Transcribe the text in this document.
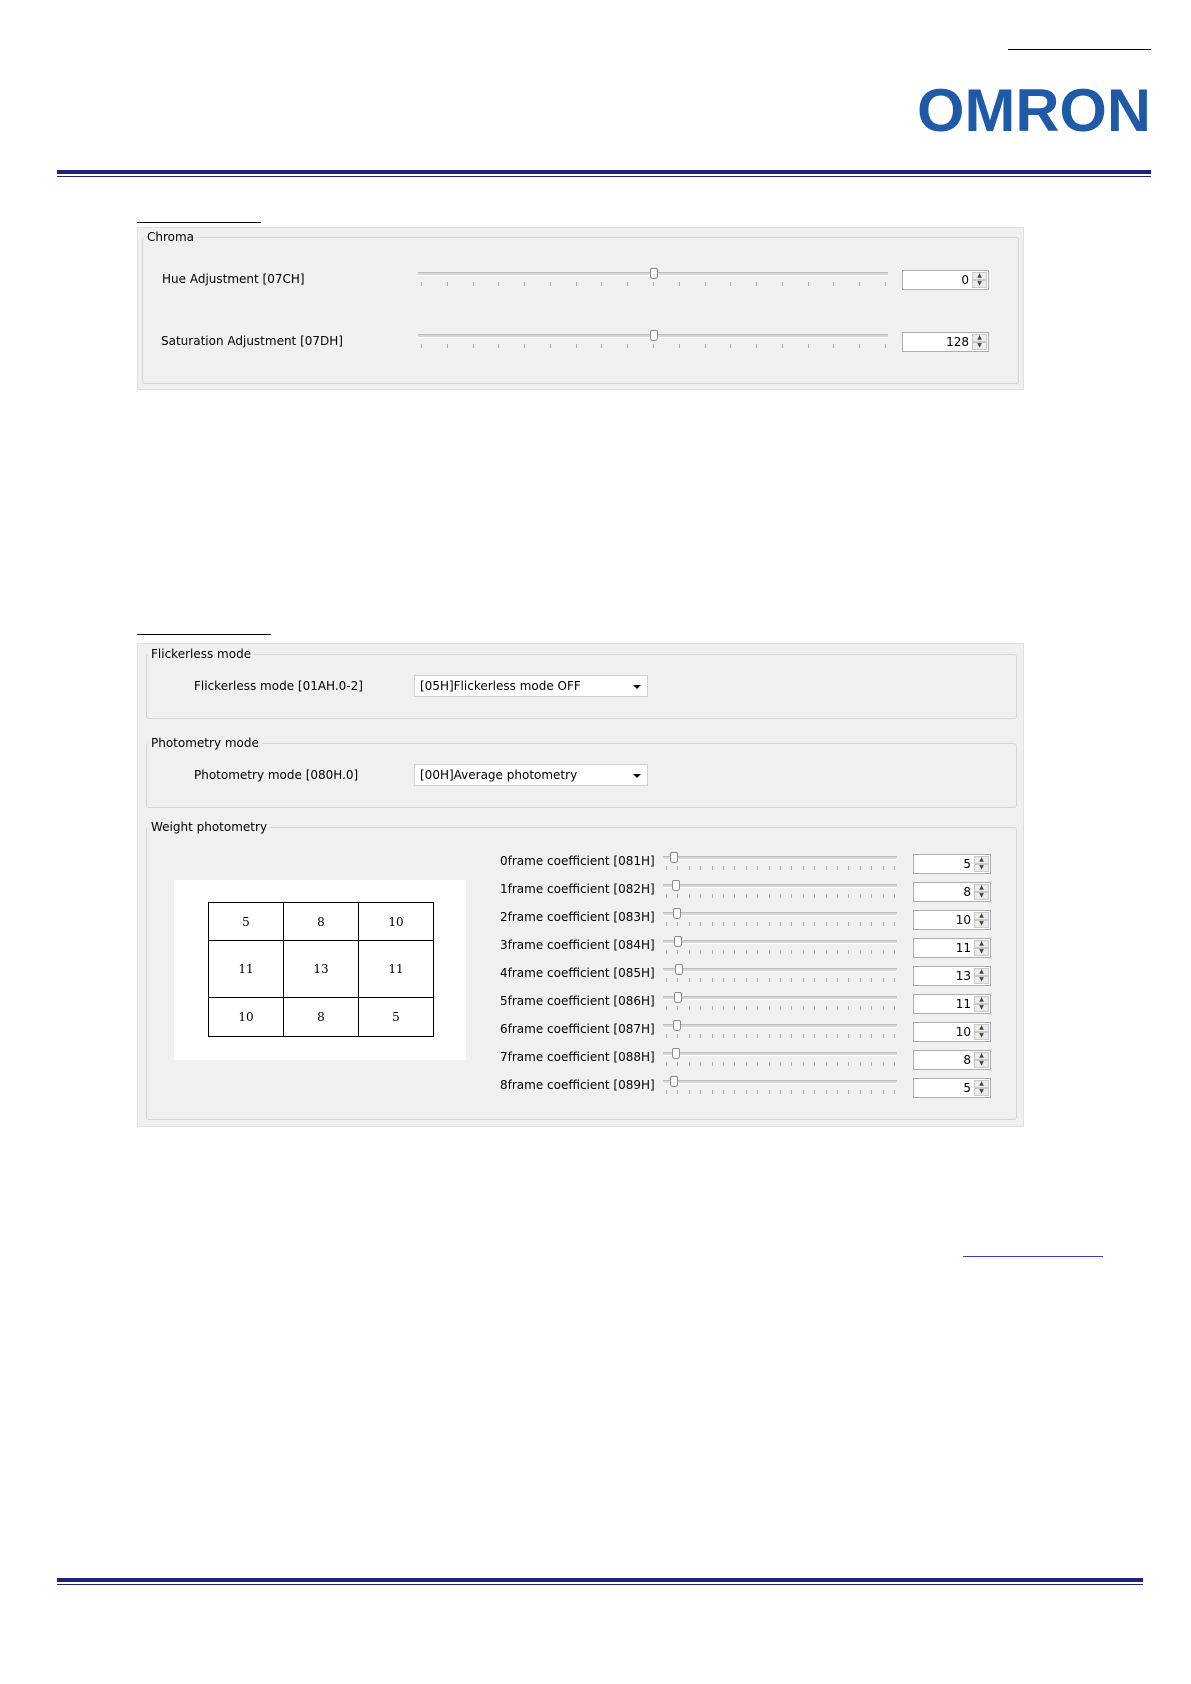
OMRON
Chroma
Hue Adjustment [07CH]	0	▲
▼
Saturation Adjustment [07DH]	128	▲
▼
Flickerless mode
Flickerless mode [01AH.0-2]	[05H]Flickerless mode OFF
Photometry mode
Photometry mode [080H.0]	[00H]Average photometry
Weight photometry
0frame coefficient [081H]	5	▲
▼
1frame coefficient [082H]	8	▲
▼
2frame coefficient [083H]	10	▲
▼
3frame coefficient [084H]	11	▲
▼
4frame coefficient [085H]	13	▲
▼
5frame coefficient [086H]	11	▲
▼
6frame coefficient [087H]	10	▲
▼
7frame coefficient [088H]	8	▲
▼
8frame coefficient [089H]	5	▲
▼
5	8	10
11	13	11
10	8	5
